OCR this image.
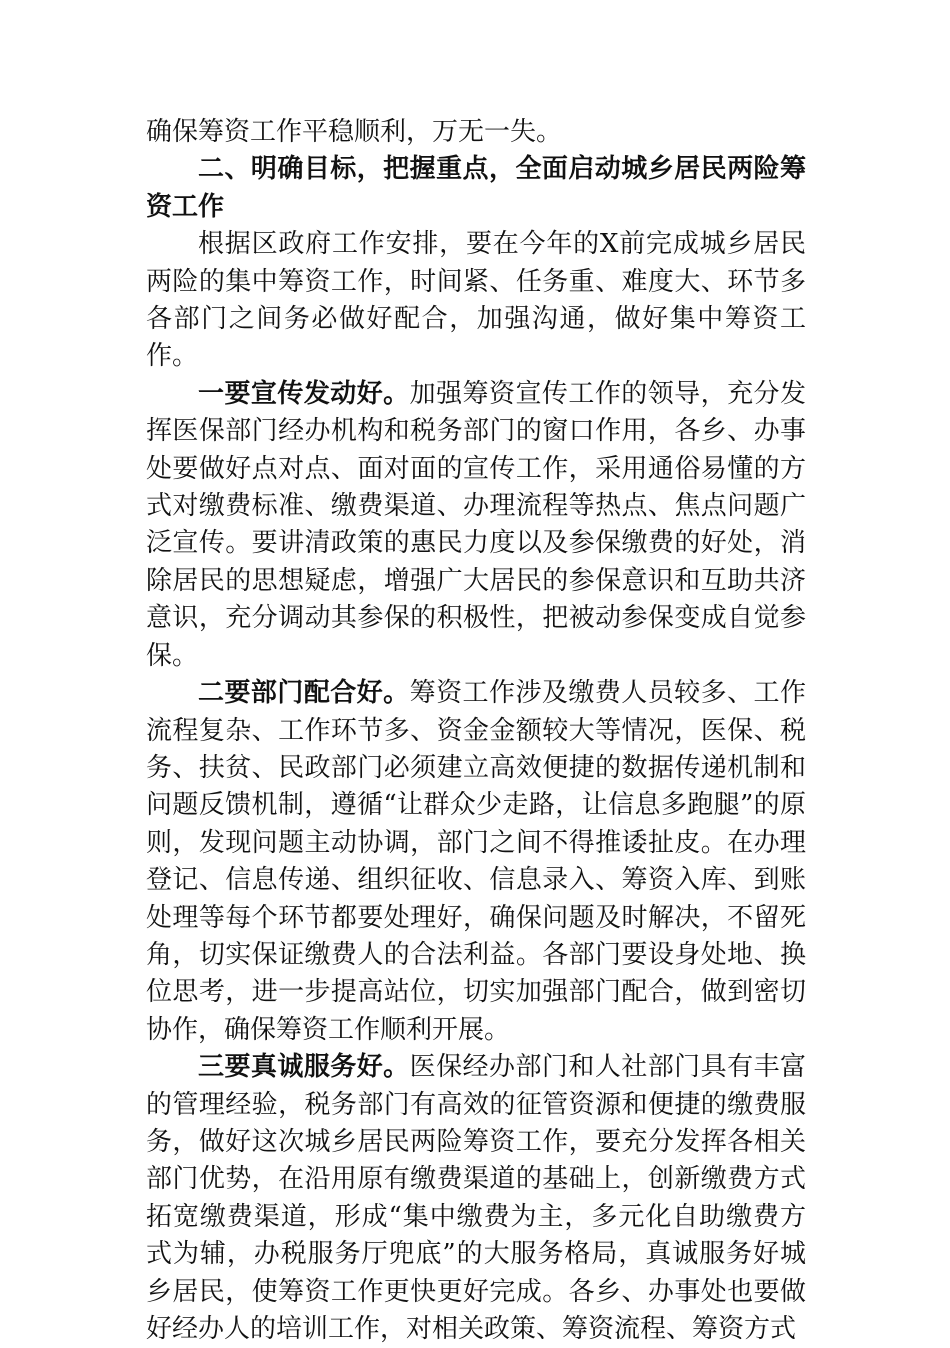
确保筹资工作平稳顺利，万无一失。

二、明确目标，把握重点，全面启动城乡居民两险筹资工作

根据区政府工作安排，要在今年的X前完成城乡居民两险的集中筹资工作，时间紧、任务重、难度大、环节多各部门之间务必做好配合，加强沟通，做好集中筹资工作。

一要宣传发动好。加强筹资宣传工作的领导，充分发挥医保部门经办机构和税务部门的窗口作用，各乡、办事处要做好点对点、面对面的宣传工作，采用通俗易懂的方式对缴费标准、缴费渠道、办理流程等热点、焦点问题广泛宣传。要讲清政策的惠民力度以及参保缴费的好处，消除居民的思想疑虑，增强广大居民的参保意识和互助共济意识，充分调动其参保的积极性，把被动参保变成自觉参保。

二要部门配合好。筹资工作涉及缴费人员较多、工作流程复杂、工作环节多、资金金额较大等情况，医保、税务、扶贫、民政部门必须建立高效便捷的数据传递机制和问题反馈机制，遵循“让群众少走路，让信息多跑腿”的原则，发现问题主动协调，部门之间不得推诿扯皮。在办理登记、信息传递、组织征收、信息录入、筹资入库、到账处理等每个环节都要处理好，确保问题及时解决，不留死角，切实保证缴费人的合法利益。各部门要设身处地、换位思考，进一步提高站位，切实加强部门配合，做到密切协作，确保筹资工作顺利开展。

三要真诚服务好。医保经办部门和人社部门具有丰富的管理经验，税务部门有高效的征管资源和便捷的缴费服务，做好这次城乡居民两险筹资工作，要充分发挥各相关部门优势，在沿用原有缴费渠道的基础上，创新缴费方式拓宽缴费渠道，形成“集中缴费为主，多元化自助缴费方式为辅，办税服务厅兜底”的大服务格局，真诚服务好城乡居民，使筹资工作更快更好完成。各乡、办事处也要做好经办人的培训工作，对相关政策、筹资流程、筹资方式
